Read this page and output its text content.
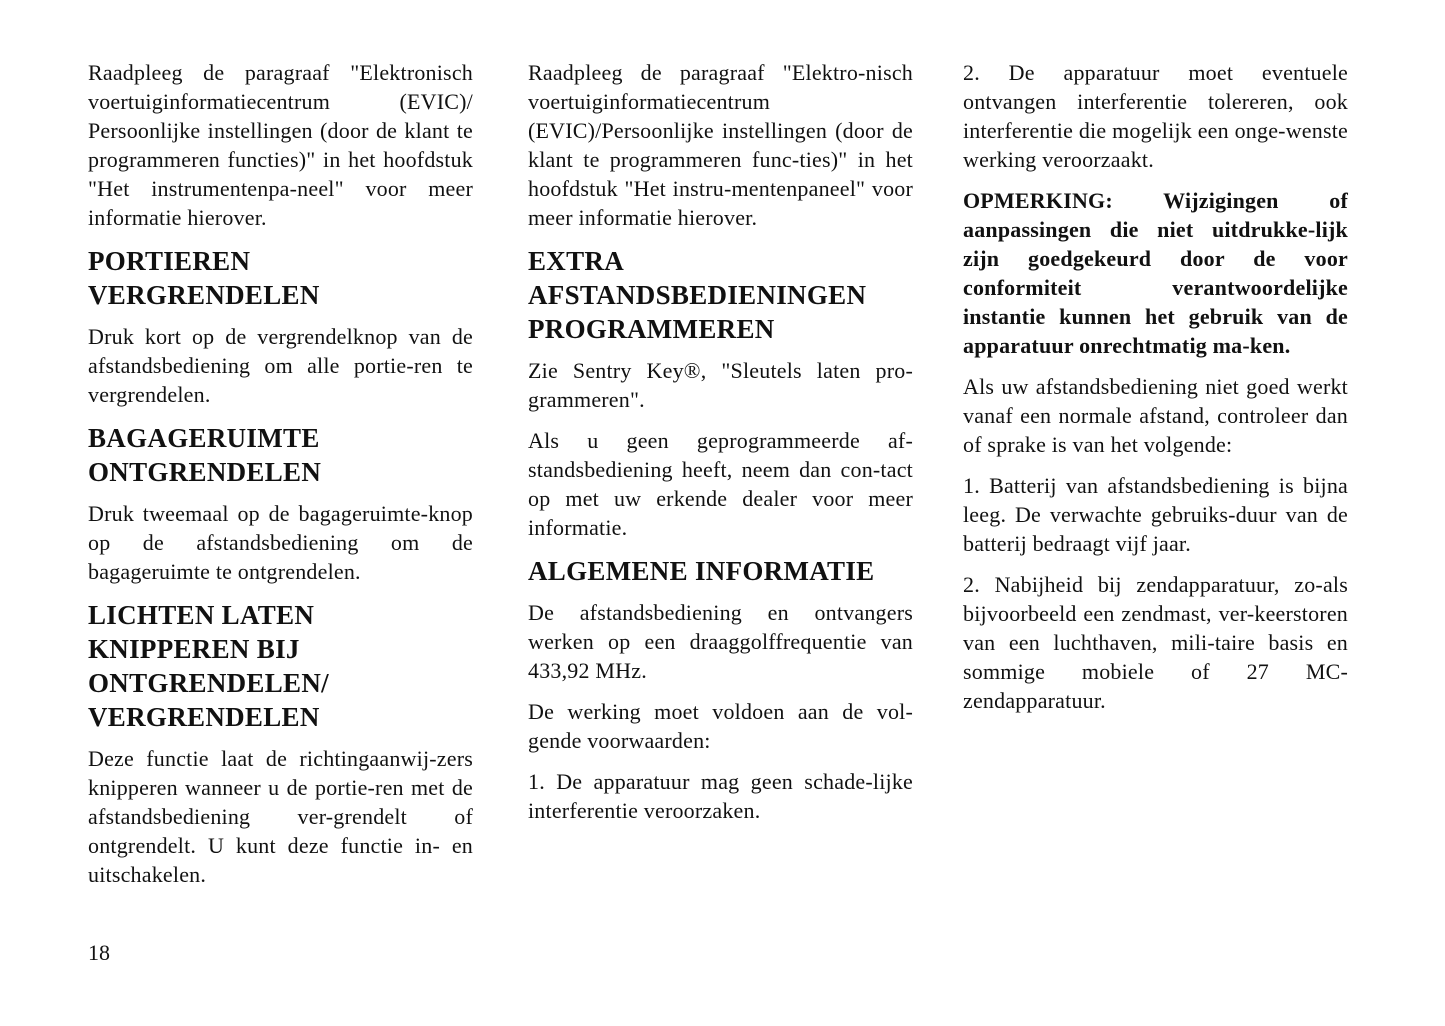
Raadpleeg de paragraaf "Elektronisch voertuiginformatiecentrum (EVIC)/ Persoonlijke instellingen (door de klant te programmeren functies)" in het hoofdstuk "Het instrumentenpa-neel" voor meer informatie hierover.

PORTIEREN VERGRENDELEN

Druk kort op de vergrendelknop van de afstandsbediening om alle portie-ren te vergrendelen.

BAGAGERUIMTE ONTGRENDELEN

Druk tweemaal op de bagageruimte-knop op de afstandsbediening om de bagageruimte te ontgrendelen.

LICHTEN LATEN KNIPPEREN BIJ ONTGRENDELEN/ VERGRENDELEN

Deze functie laat de richtingaanwij-zers knipperen wanneer u de portie-ren met de afstandsbediening ver-grendelt of ontgrendelt. U kunt deze functie in- en uitschakelen.

Raadpleeg de paragraaf "Elektro-nisch voertuiginformatiecentrum (EVIC)/Persoonlijke instellingen (door de klant te programmeren func-ties)" in het hoofdstuk "Het instru-mentenpaneel" voor meer informatie hierover.

EXTRA AFSTANDSBEDIENINGEN PROGRAMMEREN

Zie Sentry Key®, "Sleutels laten pro-grammeren".

Als u geen geprogrammeerde af-standsbediening heeft, neem dan con-tact op met uw erkende dealer voor meer informatie.

ALGEMENE INFORMATIE

De afstandsbediening en ontvangers werken op een draaggolffrequentie van 433,92 MHz.

De werking moet voldoen aan de vol-gende voorwaarden:

1. De apparatuur mag geen schade-lijke interferentie veroorzaken.

2. De apparatuur moet eventuele ontvangen interferentie tolereren, ook interferentie die mogelijk een onge-wenste werking veroorzaakt.

OPMERKING: Wijzigingen of aanpassingen die niet uitdrukke-lijk zijn goedgekeurd door de voor conformiteit verantwoordelijke instantie kunnen het gebruik van de apparatuur onrechtmatig ma-ken.

Als uw afstandsbediening niet goed werkt vanaf een normale afstand, controleer dan of sprake is van het volgende:

1. Batterij van afstandsbediening is bijna leeg. De verwachte gebruiks-duur van de batterij bedraagt vijf jaar.

2. Nabijheid bij zendapparatuur, zo-als bijvoorbeeld een zendmast, ver-keerstoren van een luchthaven, mili-taire basis en sommige mobiele of 27 MC-zendapparatuur.

18
